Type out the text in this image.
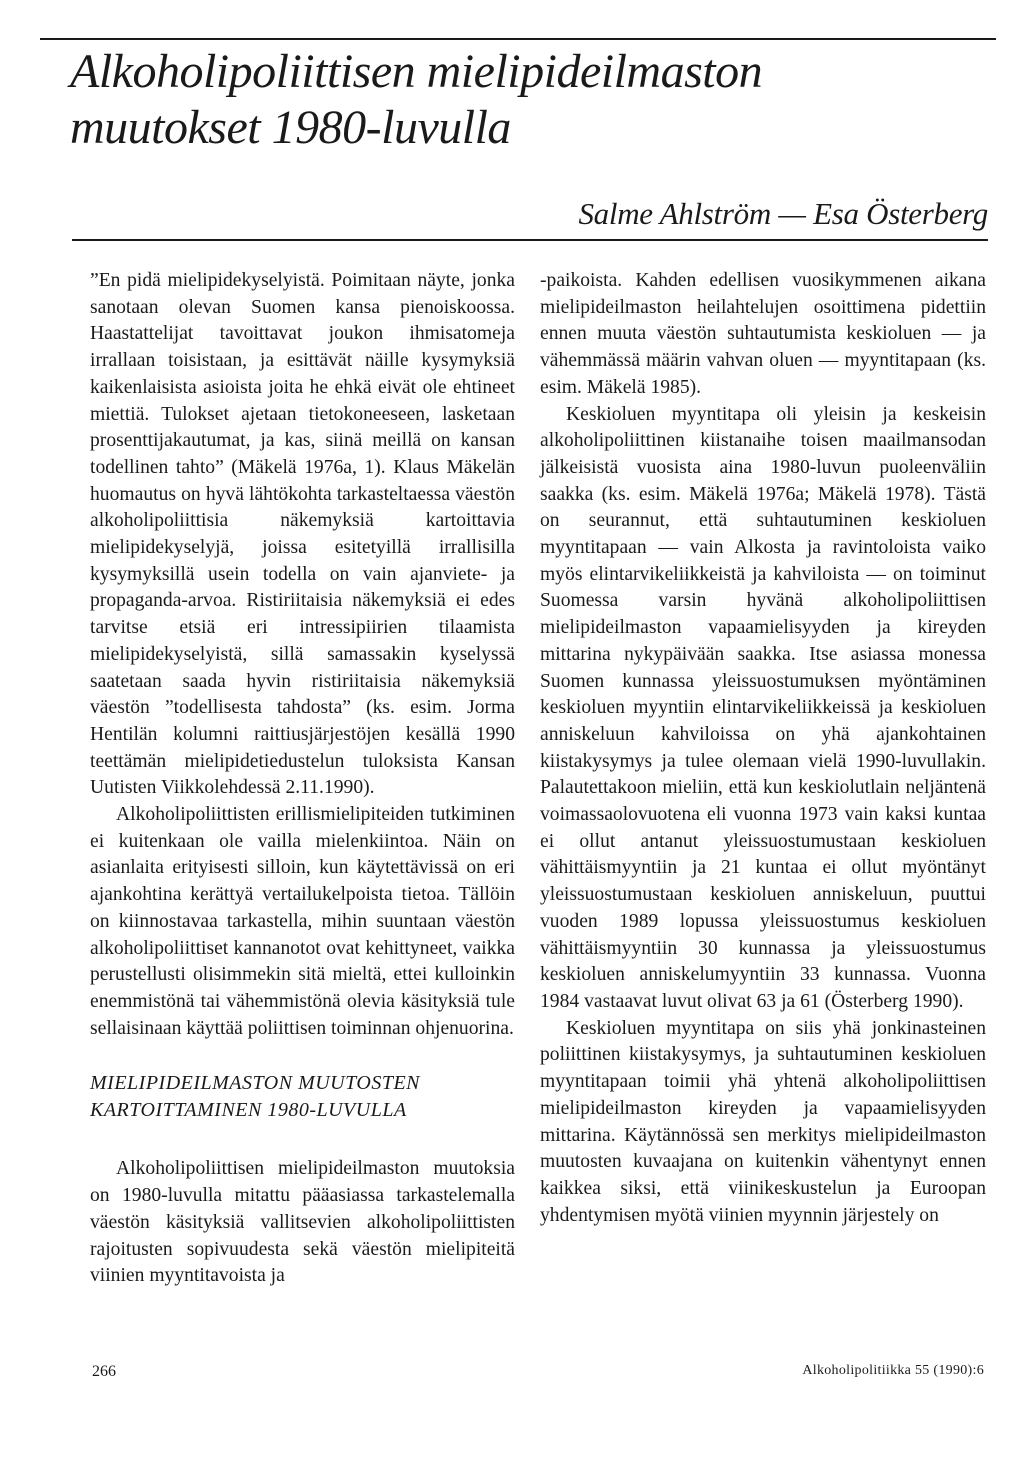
Alkoholipoliittisen mielipideilmaston
muutokset 1980-luvulla
Salme Ahlström — Esa Österberg

”En pidä mielipidekyselyistä. Poimitaan näyte, jonka sanotaan olevan Suomen kansa pienoiskoossa. Haastattelijat tavoittavat joukon ihmisatomeja irrallaan toisistaan, ja esittävät näille kysymyksiä kaikenlaisista asioista joita he ehkä eivät ole ehtineet miettiä. Tulokset ajetaan tietokoneeseen, lasketaan prosenttijakautumat, ja kas, siinä meillä on kansan todellinen tahto” (Mäkelä 1976a, 1). Klaus Mäkelän huomautus on hyvä lähtökohta tarkasteltaessa väestön alkoholipoliittisia näkemyksiä kartoittavia mielipidekyselyjä, joissa esitetyillä irrallisilla kysymyksillä usein todella on vain ajanviete- ja propaganda-arvoa. Ristiriitaisia näkemyksiä ei edes tarvitse etsiä eri intressipiirien tilaamista mielipidekyselyistä, sillä samassakin kyselyssä saatetaan saada hyvin ristiriitaisia näkemyksiä väestön ”todellisesta tahdosta” (ks. esim. Jorma Hentilän kolumni raittiusjärjestöjen kesällä 1990 teettämän mielipidetiedustelun tuloksista Kansan Uutisten Viikkolehdessä 2.11.1990).

Alkoholipoliittisten erillismielipiteiden tutkiminen ei kuitenkaan ole vailla mielenkiintoa. Näin on asianlaita erityisesti silloin, kun käytettävissä on eri ajankohtina kerättyä vertailukelpoista tietoa. Tällöin on kiinnostavaa tarkastella, mihin suuntaan väestön alkoholipoliittiset kannanotot ovat kehittyneet, vaikka perustellusti olisimmekin sitä mieltä, ettei kulloinkin enemmistönä tai vähemmistönä olevia käsityksiä tule sellaisinaan käyttää poliittisen toiminnan ohjenuorina.

MIELIPIDEILMASTON MUUTOSTEN
KARTOITTAMINEN 1980-LUVULLA

Alkoholipoliittisen mielipideilmaston muutoksia on 1980-luvulla mitattu pääasiassa tarkastelemalla väestön käsityksiä vallitsevien alkoholipoliittisten rajoitusten sopivuudesta sekä väestön mielipiteitä viinien myyntitavoista ja

-paikoista. Kahden edellisen vuosikymmenen aikana mielipideilmaston heilahtelujen osoittimena pidettiin ennen muuta väestön suhtautumista keskioluen — ja vähemmässä määrin vahvan oluen — myyntitapaan (ks. esim. Mäkelä 1985).

Keskioluen myyntitapa oli yleisin ja keskeisin alkoholipoliittinen kiistanaihe toisen maailmansodan jälkeisistä vuosista aina 1980-luvun puoleenväliin saakka (ks. esim. Mäkelä 1976a; Mäkelä 1978). Tästä on seurannut, että suhtautuminen keskioluen myyntitapaan — vain Alkosta ja ravintoloista vaiko myös elintarvikeliikkeistä ja kahviloista — on toiminut Suomessa varsin hyvänä alkoholipoliittisen mielipideilmaston vapaamielisyyden ja kireyden mittarina nykypäivään saakka. Itse asiassa monessa Suomen kunnassa yleissuostumuksen myöntäminen keskioluen myyntiin elintarvikeliikkeissä ja keskioluen anniskeluun kahviloissa on yhä ajankohtainen kiistakysymys ja tulee olemaan vielä 1990-luvullakin. Palautettakoon mieliin, että kun keskiolutlain neljäntenä voimassaolovuotena eli vuonna 1973 vain kaksi kuntaa ei ollut antanut yleissuostumustaan keskioluen vähittäismyyntiin ja 21 kuntaa ei ollut myöntänyt yleissuostumustaan keskioluen anniskeluun, puuttui vuoden 1989 lopussa yleissuostumus keskioluen vähittäismyyntiin 30 kunnassa ja yleissuostumus keskioluen anniskelumyyntiin 33 kunnassa. Vuonna 1984 vastaavat luvut olivat 63 ja 61 (Österberg 1990).

Keskioluen myyntitapa on siis yhä jonkinasteinen poliittinen kiistakysymys, ja suhtautuminen keskioluen myyntitapaan toimii yhä yhtenä alkoholipoliittisen mielipideilmaston kireyden ja vapaamielisyyden mittarina. Käytännössä sen merkitys mielipideilmaston muutosten kuvaajana on kuitenkin vähentynyt ennen kaikkea siksi, että viinikeskustelun ja Euroopan yhdentymisen myötä viinien myynnin järjestely on

266	Alkoholipolitiikka 55 (1990):6
